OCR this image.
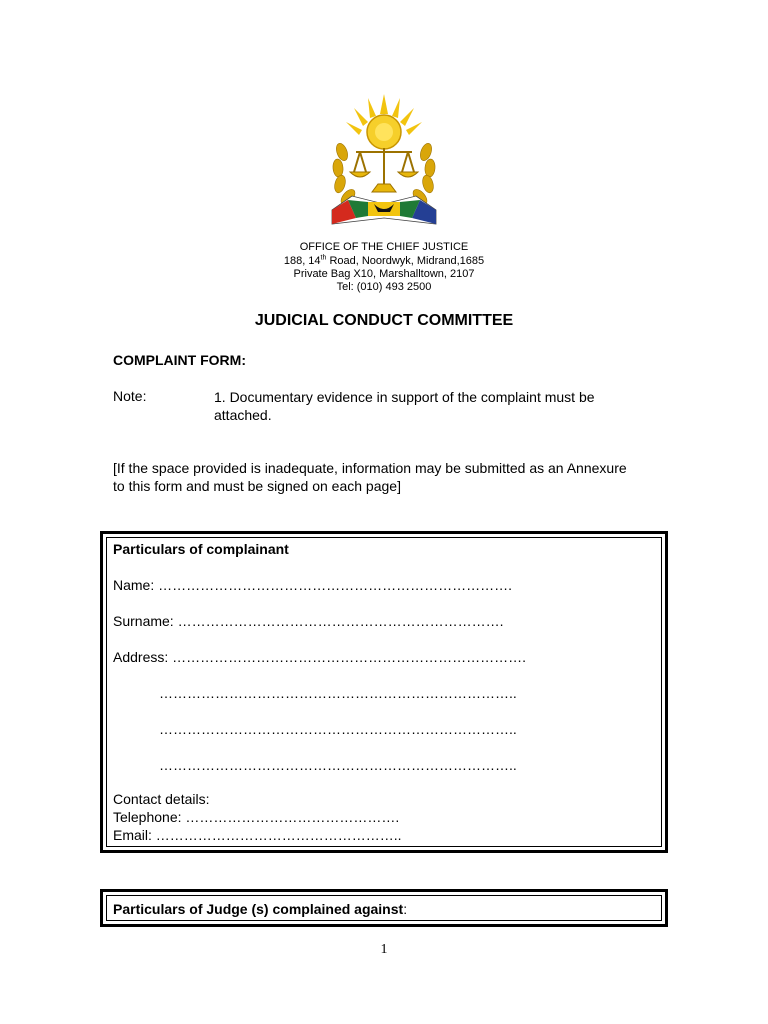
OFFICE OF THE CHIEF JUSTICE
188, 14th Road, Noordwyk, Midrand,1685
Private Bag X10, Marshalltown, 2107
Tel: (010) 493 2500
JUDICIAL CONDUCT COMMITTEE
COMPLAINT FORM:
Note:	1. Documentary evidence in support of the complaint must be attached.
[If the space provided is inadequate, information may be submitted as an Annexure to this form and must be signed on each page]
Particulars of complainant
Name: ………………………………………………………………….
Surname: …………………………………………………………….
Address: ………………………………………………………………….
…………………………………………………………………..
…………………………………………………………………..
…………………………………………………………………..
Contact details:
Telephone: ……………………………………….
Email: ……………………………………………..
Particulars of Judge (s) complained against:
1
